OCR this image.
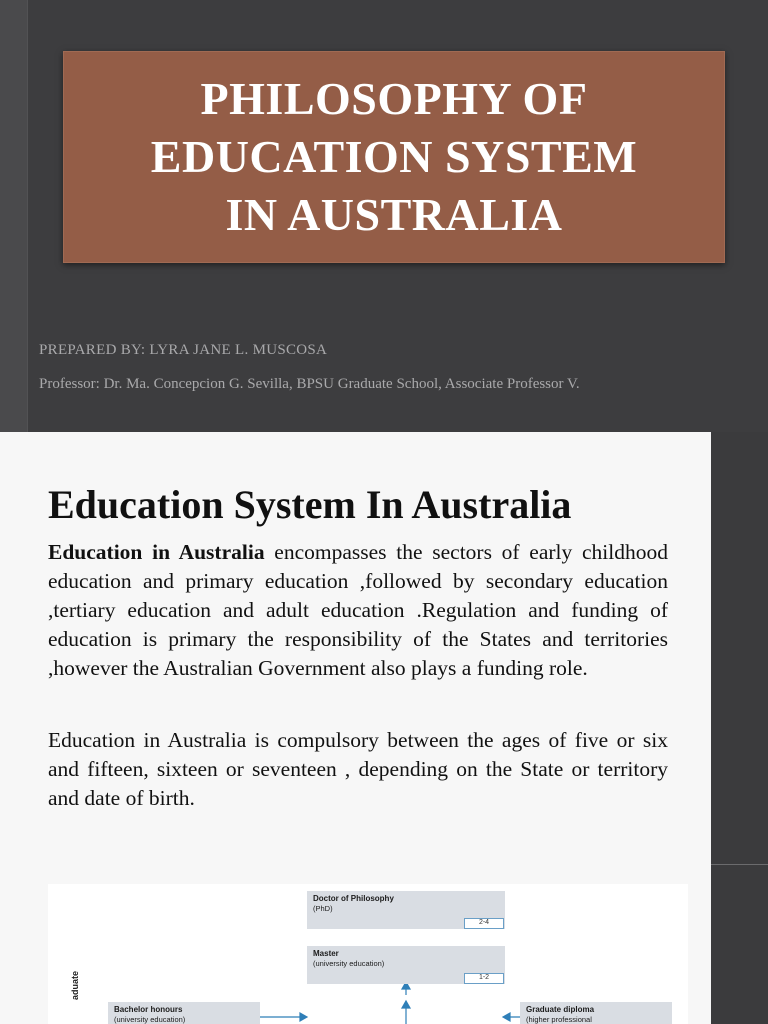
PHILOSOPHY OF
EDUCATION SYSTEM
IN AUSTRALIA
PREPARED BY: LYRA JANE L. MUSCOSA
Professor: Dr. Ma. Concepcion G. Sevilla, BPSU Graduate School, Associate Professor V.
Education System In Australia
Education in Australia encompasses the sectors of early childhood education and primary education ,followed by secondary education ,tertiary education and adult education .Regulation and funding of education is primary the responsibility of the States and territories ,however the Australian Government also plays a funding role.
Education in Australia is compulsory between the ages of five or six and fifteen, sixteen or seventeen , depending on the State or territory and date of birth.
aduate
Doctor of Philosophy
(PhD)
2-4
Master
(university education)
1-2
Bachelor honours
(university education)
Graduate diploma
(higher professional
